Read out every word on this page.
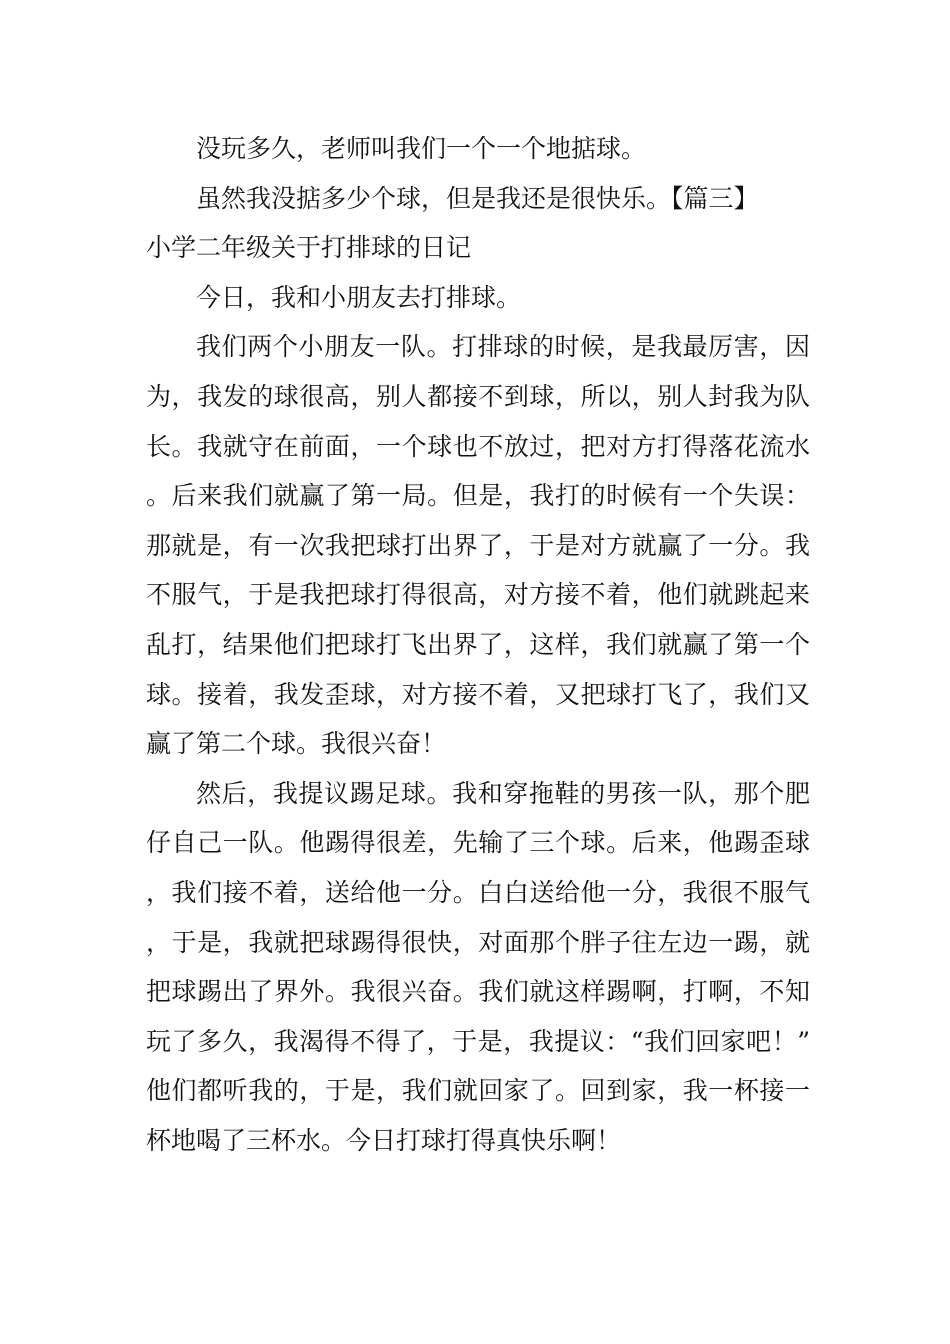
没玩多久，老师叫我们一个一个地掂球。

虽然我没掂多少个球，但是我还是很快乐。【篇三】

小学二年级关于打排球的日记

今日，我和小朋友去打排球。

我们两个小朋友一队。打排球的时候，是我最厉害，因为，我发的球很高，别人都接不到球，所以，别人封我为队长。我就守在前面，一个球也不放过，把对方打得落花流水。后来我们就赢了第一局。但是，我打的时候有一个失误：那就是，有一次我把球打出界了，于是对方就赢了一分。我不服气，于是我把球打得很高，对方接不着，他们就跳起来乱打，结果他们把球打飞出界了，这样，我们就赢了第一个球。接着，我发歪球，对方接不着，又把球打飞了，我们又赢了第二个球。我很兴奋！

然后，我提议踢足球。我和穿拖鞋的男孩一队，那个肥仔自己一队。他踢得很差，先输了三个球。后来，他踢歪球，我们接不着，送给他一分。白白送给他一分，我很不服气，于是，我就把球踢得很快，对面那个胖子往左边一踢，就把球踢出了界外。我很兴奋。我们就这样踢啊，打啊，不知玩了多久，我渴得不得了，于是，我提议：“我们回家吧！”他们都听我的，于是，我们就回家了。回到家，我一杯接一杯地喝了三杯水。今日打球打得真快乐啊！
